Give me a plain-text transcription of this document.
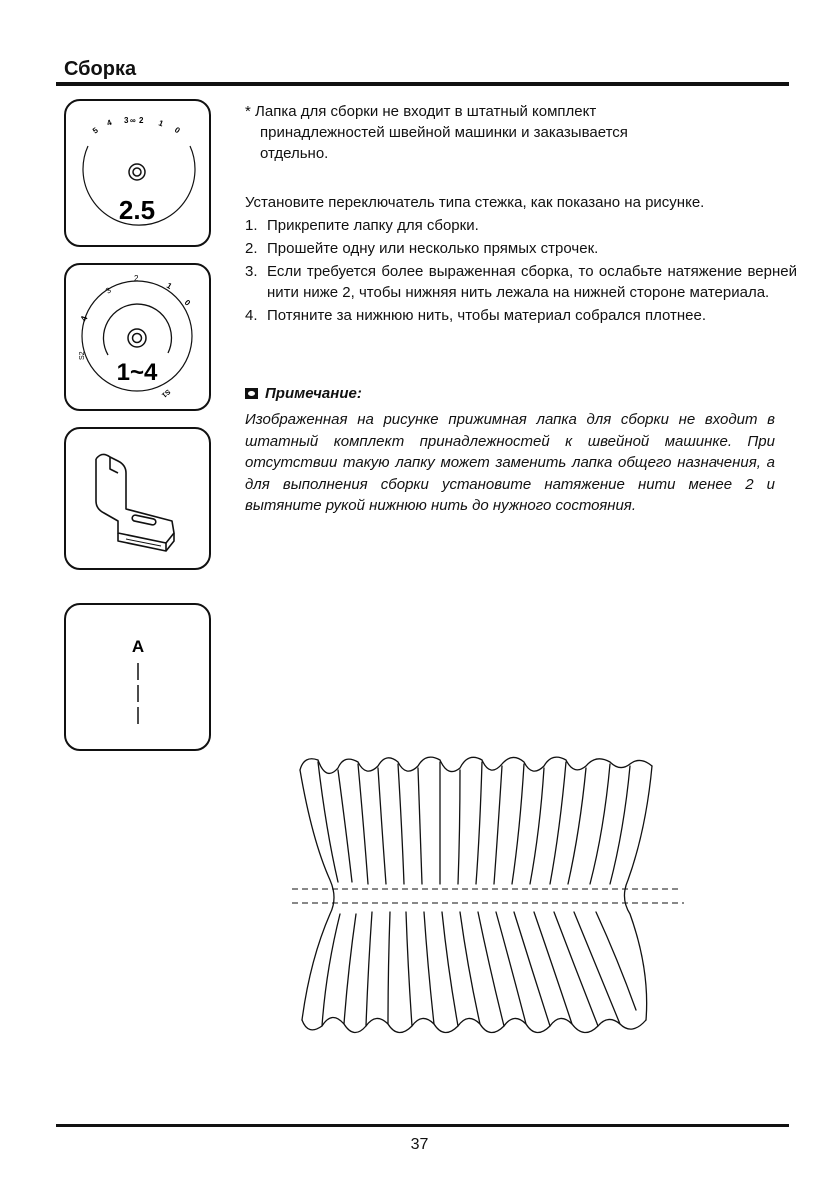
Сборка
5
4 3 ∞ 2 1
0
2.5
4
3
2
1
0
S2
S1
1~4
A
* Лапка для сборки не входит в штатный комплект
принадлежностей швейной машинки и заказывается
отдельно.

Установите переключатель типа стежка, как показано на рисунке.

1. Прикрепите лапку для сборки.
2. Прошейте одну или несколько прямых строчек.
3. Если требуется более выраженная сборка, то ослабьте натяжение верней нити ниже 2, чтобы нижняя нить лежала на нижней стороне материала.
4. Потяните за нижнюю нить, чтобы материал собрался плотнее.
Примечание:
Изображенная на рисунке прижимная лапка для сборки не входит в штатный комплект принадлежностей к швейной машинке. При отсутствии такую лапку может заменить лапка общего назначения, а для выполнения сборки установите натяжение нити менее 2 и вытяните рукой нижнюю нить до нужного состояния.
37
